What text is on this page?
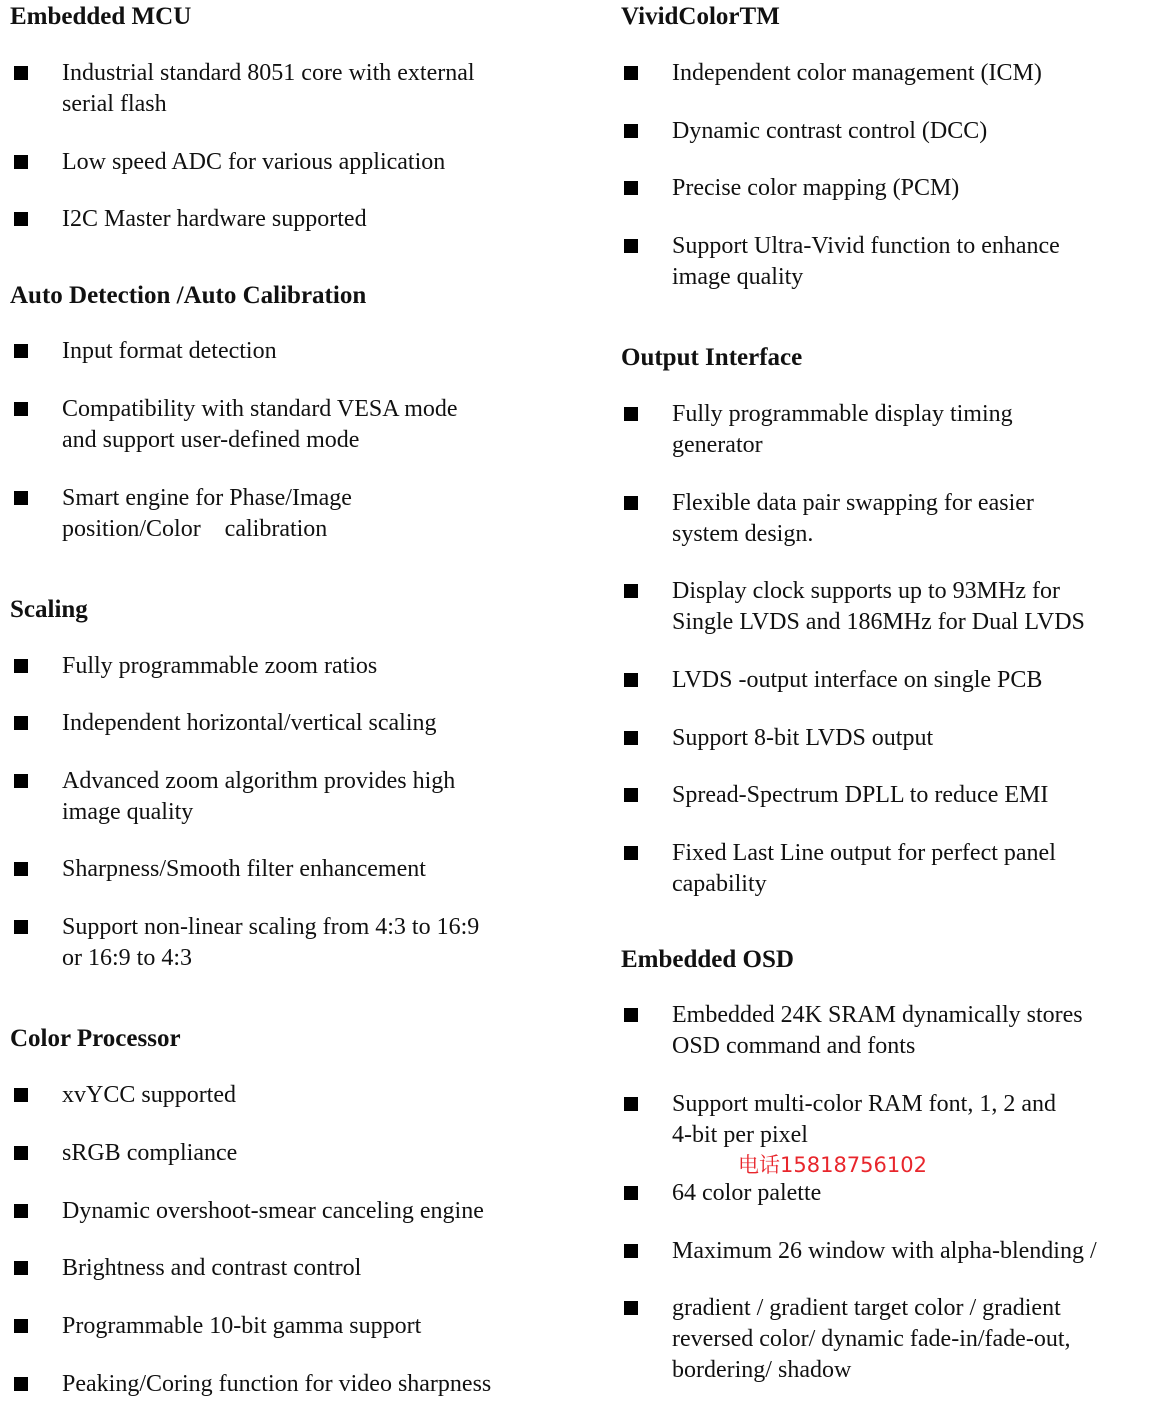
Embedded MCU
Industrial standard 8051 core with external
serial flash
Low speed ADC for various application
I2C Master hardware supported
Auto Detection /Auto Calibration
Input format detection
Compatibility with standard VESA mode
and support user-defined mode
Smart engine for Phase/Image
position/Color    calibration
Scaling
Fully programmable zoom ratios
Independent horizontal/vertical scaling
Advanced zoom algorithm provides high
image quality
Sharpness/Smooth filter enhancement
Support non-linear scaling from 4:3 to 16:9
or 16:9 to 4:3
Color Processor
xvYCC supported
sRGB compliance
Dynamic overshoot-smear canceling engine
Brightness and contrast control
Programmable 10-bit gamma support
Peaking/Coring function for video sharpness
VividColorTM
Independent color management (ICM)
Dynamic contrast control (DCC)
Precise color mapping (PCM)
Support Ultra-Vivid function to enhance
image quality
Output Interface
Fully programmable display timing
generator
Flexible data pair swapping for easier
system design.
Display clock supports up to 93MHz for
Single LVDS and 186MHz for Dual LVDS
LVDS -output interface on single PCB
Support 8-bit LVDS output
Spread-Spectrum DPLL to reduce EMI
Fixed Last Line output for perfect panel
capability
Embedded OSD
Embedded 24K SRAM dynamically stores
OSD command and fonts
Support multi-color RAM font, 1, 2 and
4-bit per pixel
64 color palette
Maximum 26 window with alpha-blending /
gradient / gradient target color / gradient
reversed color/ dynamic fade-in/fade-out,
bordering/ shadow
电话15818756102
